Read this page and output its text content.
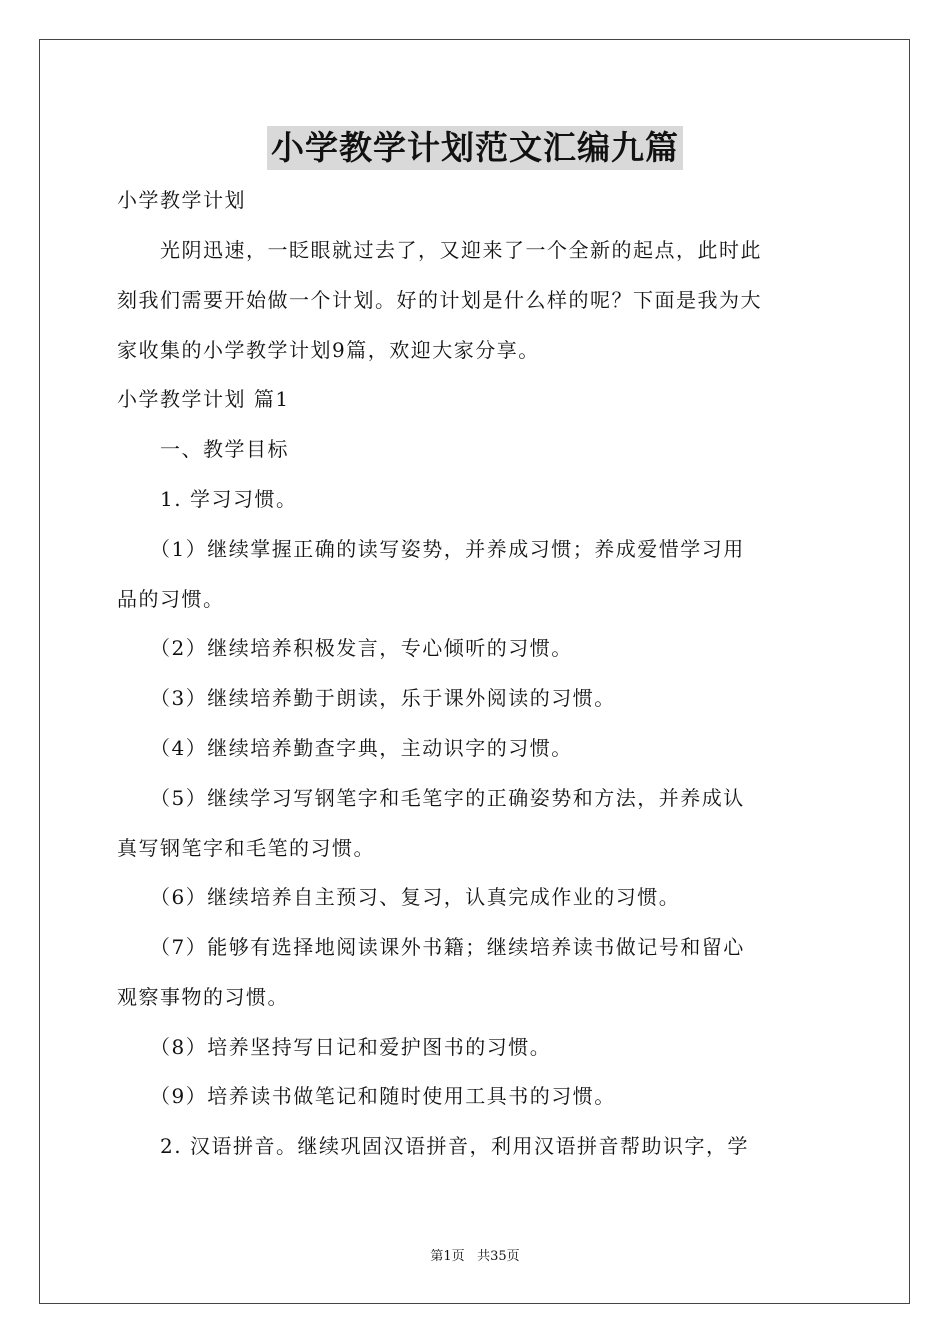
小学教学计划范文汇编九篇
小学教学计划
　　光阴迅速，一眨眼就过去了，又迎来了一个全新的起点，此时此
刻我们需要开始做一个计划。好的计划是什么样的呢？下面是我为大
家收集的小学教学计划9篇，欢迎大家分享。
小学教学计划 篇1
　　一、教学目标
　　1. 学习习惯。
　　（1）继续掌握正确的读写姿势，并养成习惯；养成爱惜学习用
品的习惯。
　　（2）继续培养积极发言，专心倾听的习惯。
　　（3）继续培养勤于朗读，乐于课外阅读的习惯。
　　（4）继续培养勤查字典，主动识字的习惯。
　　（5）继续学习写钢笔字和毛笔字的正确姿势和方法，并养成认
真写钢笔字和毛笔的习惯。
　　（6）继续培养自主预习、复习，认真完成作业的习惯。
　　（7）能够有选择地阅读课外书籍；继续培养读书做记号和留心
观察事物的习惯。
　　（8）培养坚持写日记和爱护图书的习惯。
　　（9）培养读书做笔记和随时使用工具书的习惯。
　　2. 汉语拼音。继续巩固汉语拼音，利用汉语拼音帮助识字，学
第1页 共35页
